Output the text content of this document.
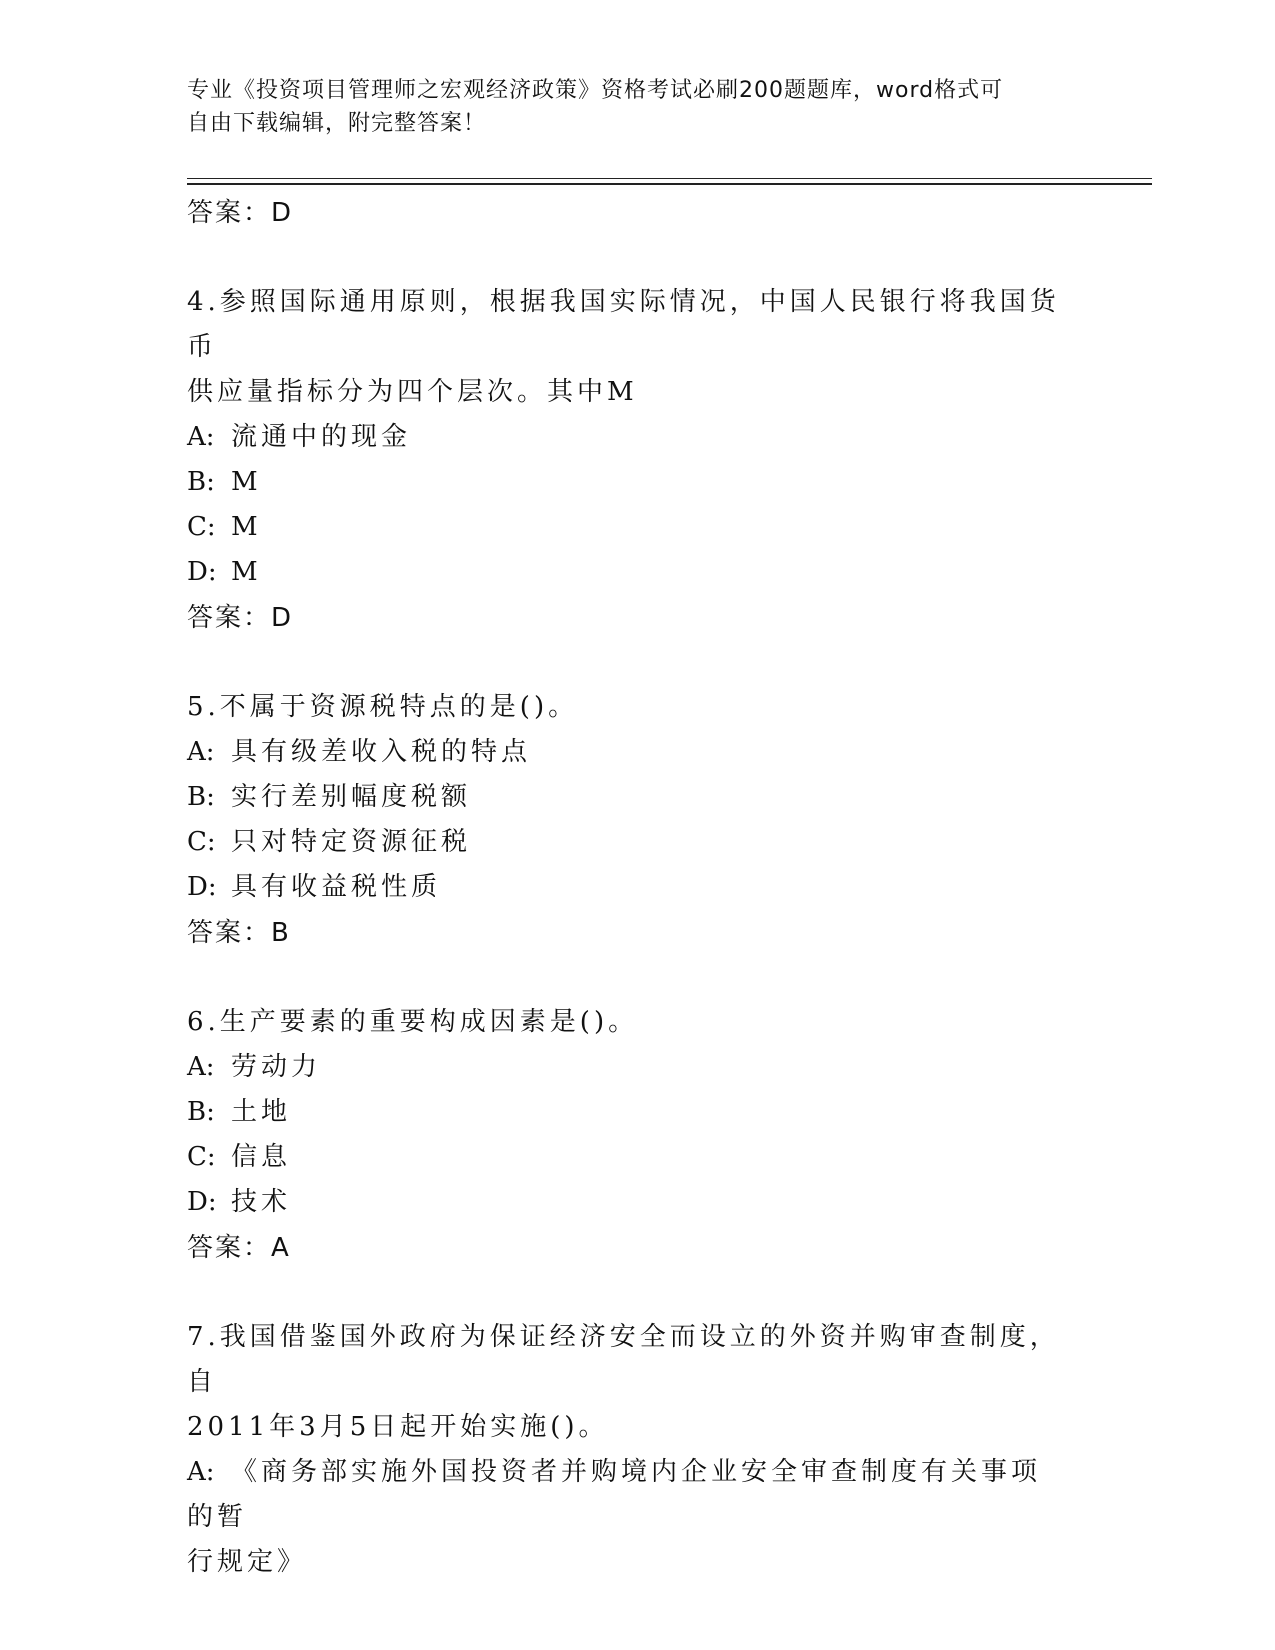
专业《投资项目管理师之宏观经济政策》资格考试必刷200题题库，word格式可
自由下载编辑，附完整答案！
答案：D
4.参照国际通用原则，根据我国实际情况，中国人民银行将我国货币
供应量指标分为四个层次。其中M
A: 流通中的现金
B: M
C: M
D: M
答案：D
5.不属于资源税特点的是()。
A: 具有级差收入税的特点
B: 实行差别幅度税额
C: 只对特定资源征税
D: 具有收益税性质
答案：B
6.生产要素的重要构成因素是()。
A: 劳动力
B: 土地
C: 信息
D: 技术
答案：A
7.我国借鉴国外政府为保证经济安全而设立的外资并购审查制度，自
2011年3月5日起开始实施()。
A: 《商务部实施外国投资者并购境内企业安全审查制度有关事项的暂
行规定》
